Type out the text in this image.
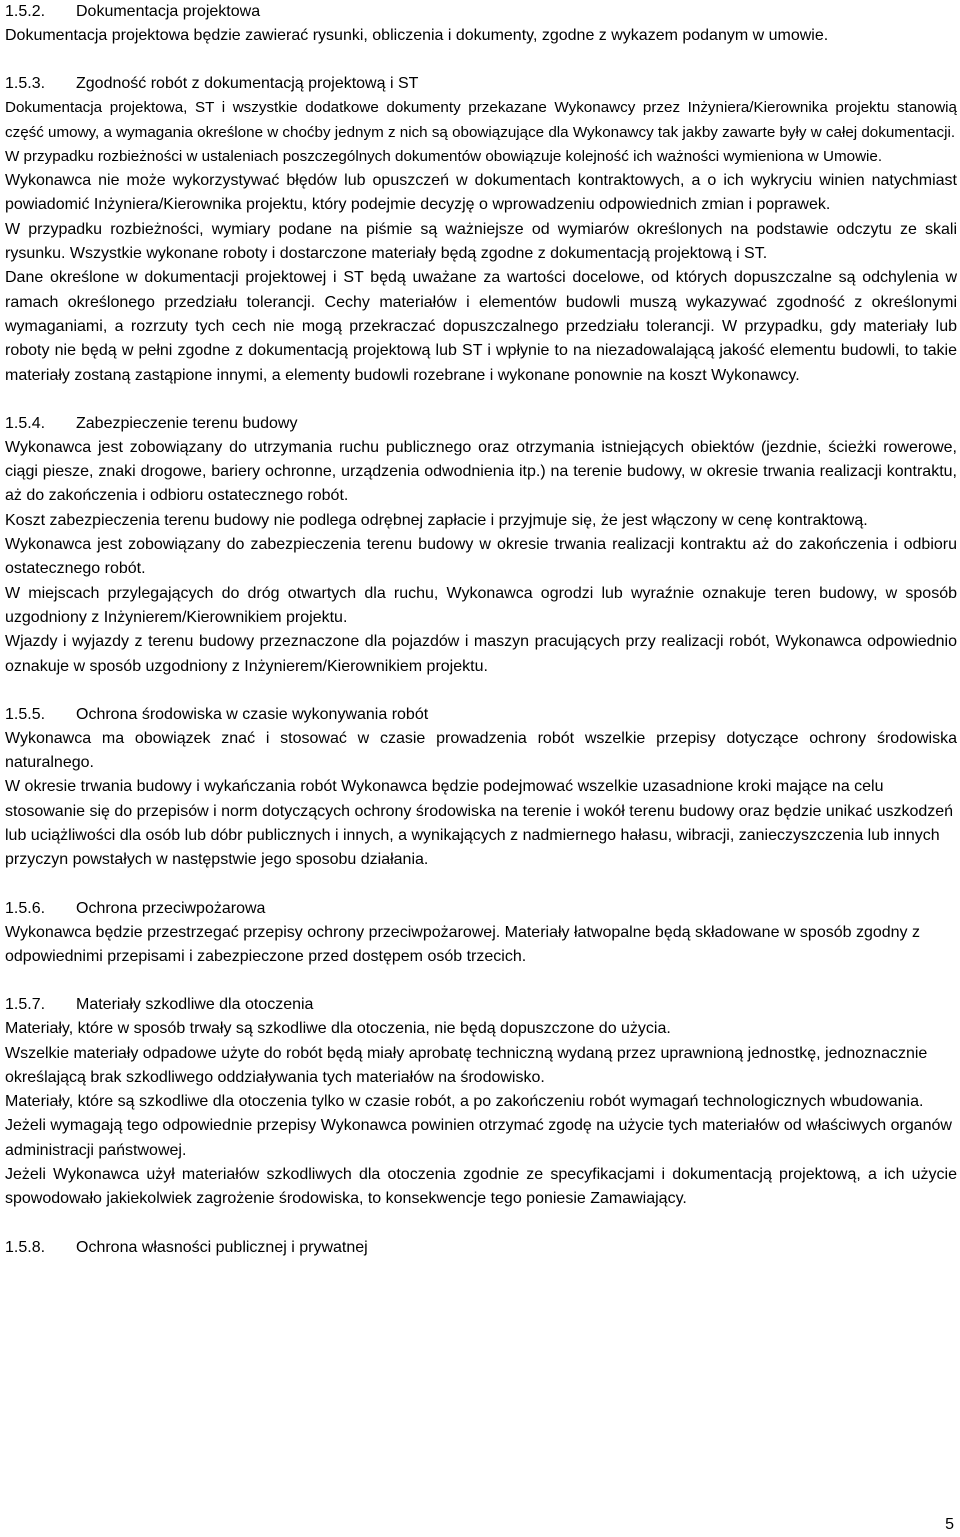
1.5.2.	Dokumentacja projektowa

Dokumentacja projektowa będzie zawierać rysunki, obliczenia i dokumenty, zgodne z wykazem podanym w umowie.

1.5.3.	Zgodność robót z dokumentacją projektową i ST

Dokumentacja projektowa, ST i wszystkie dodatkowe dokumenty przekazane Wykonawcy przez Inżyniera/Kierownika projektu stanowią część umowy, a wymagania określone w choćby jednym z nich są obowiązujące dla Wykonawcy tak jakby zawarte były w całej dokumentacji.

W przypadku rozbieżności w ustaleniach poszczególnych dokumentów obowiązuje kolejność ich ważności wymieniona w Umowie.

Wykonawca nie może wykorzystywać błędów lub opuszczeń w dokumentach kontraktowych, a o ich wykryciu winien natychmiast powiadomić Inżyniera/Kierownika projektu, który podejmie decyzję o wprowadzeniu odpowiednich zmian i poprawek.

W przypadku rozbieżności, wymiary podane na piśmie są ważniejsze od wymiarów określonych na podstawie odczytu ze skali rysunku. Wszystkie wykonane roboty i dostarczone materiały będą zgodne z dokumentacją projektową i ST.

Dane określone w dokumentacji projektowej i ST będą uważane za wartości docelowe, od których dopuszczalne są odchylenia w ramach określonego przedziału tolerancji. Cechy materiałów i elementów budowli muszą wykazywać zgodność z określonymi wymaganiami, a rozrzuty tych cech nie mogą przekraczać dopuszczalnego przedziału tolerancji. W przypadku, gdy materiały lub roboty nie będą w pełni zgodne z dokumentacją projektową lub ST i wpłynie to na niezadowalającą jakość elementu budowli, to takie materiały zostaną zastąpione innymi, a elementy budowli rozebrane i wykonane ponownie na koszt Wykonawcy.

1.5.4.	Zabezpieczenie terenu budowy

Wykonawca jest zobowiązany do utrzymania ruchu publicznego oraz otrzymania istniejących obiektów (jezdnie, ścieżki rowerowe, ciągi piesze, znaki drogowe, bariery ochronne, urządzenia odwodnienia itp.) na terenie budowy, w okresie trwania realizacji kontraktu, aż do zakończenia i odbioru ostatecznego robót.

Koszt zabezpieczenia terenu budowy nie podlega odrębnej zapłacie i przyjmuje się, że jest włączony w cenę kontraktową.

Wykonawca jest zobowiązany do zabezpieczenia terenu budowy w okresie trwania realizacji kontraktu aż do zakończenia i odbioru ostatecznego robót.

W miejscach przylegających do dróg otwartych dla ruchu, Wykonawca ogrodzi lub wyraźnie oznakuje teren budowy, w sposób uzgodniony z Inżynierem/Kierownikiem projektu.

Wjazdy i wyjazdy z terenu budowy przeznaczone dla pojazdów i maszyn pracujących przy realizacji robót, Wykonawca odpowiednio oznakuje w sposób uzgodniony z Inżynierem/Kierownikiem projektu.

1.5.5.	Ochrona środowiska w czasie wykonywania robót

Wykonawca ma obowiązek znać i stosować w czasie prowadzenia robót wszelkie przepisy dotyczące ochrony środowiska naturalnego.

W okresie trwania budowy i wykańczania robót Wykonawca będzie podejmować wszelkie uzasadnione kroki mające na celu stosowanie się do przepisów i norm dotyczących ochrony środowiska na terenie i wokół terenu budowy oraz będzie unikać uszkodzeń lub uciążliwości dla osób lub dóbr publicznych i innych, a wynikających z nadmiernego hałasu, wibracji, zanieczyszczenia lub innych przyczyn powstałych w następstwie jego sposobu działania.

1.5.6.	Ochrona przeciwpożarowa

Wykonawca będzie przestrzegać przepisy ochrony przeciwpożarowej. Materiały łatwopalne będą składowane w sposób zgodny z odpowiednimi przepisami i zabezpieczone przed dostępem osób trzecich.

1.5.7.	Materiały szkodliwe dla otoczenia

Materiały, które w sposób trwały są szkodliwe dla otoczenia, nie będą dopuszczone do użycia.

Wszelkie materiały odpadowe użyte do robót będą miały aprobatę techniczną wydaną przez uprawnioną jednostkę, jednoznacznie określającą brak szkodliwego oddziaływania tych materiałów na środowisko.

Materiały, które są szkodliwe dla otoczenia tylko w czasie robót, a po zakończeniu robót wymagań technologicznych wbudowania. Jeżeli wymagają tego odpowiednie przepisy Wykonawca powinien otrzymać zgodę na użycie tych materiałów od właściwych organów administracji państwowej.

Jeżeli Wykonawca użył materiałów szkodliwych dla otoczenia zgodnie ze specyfikacjami i dokumentacją projektową, a ich użycie spowodowało jakiekolwiek zagrożenie środowiska, to konsekwencje tego poniesie Zamawiający.

1.5.8.	Ochrona własności publicznej i prywatnej
5
